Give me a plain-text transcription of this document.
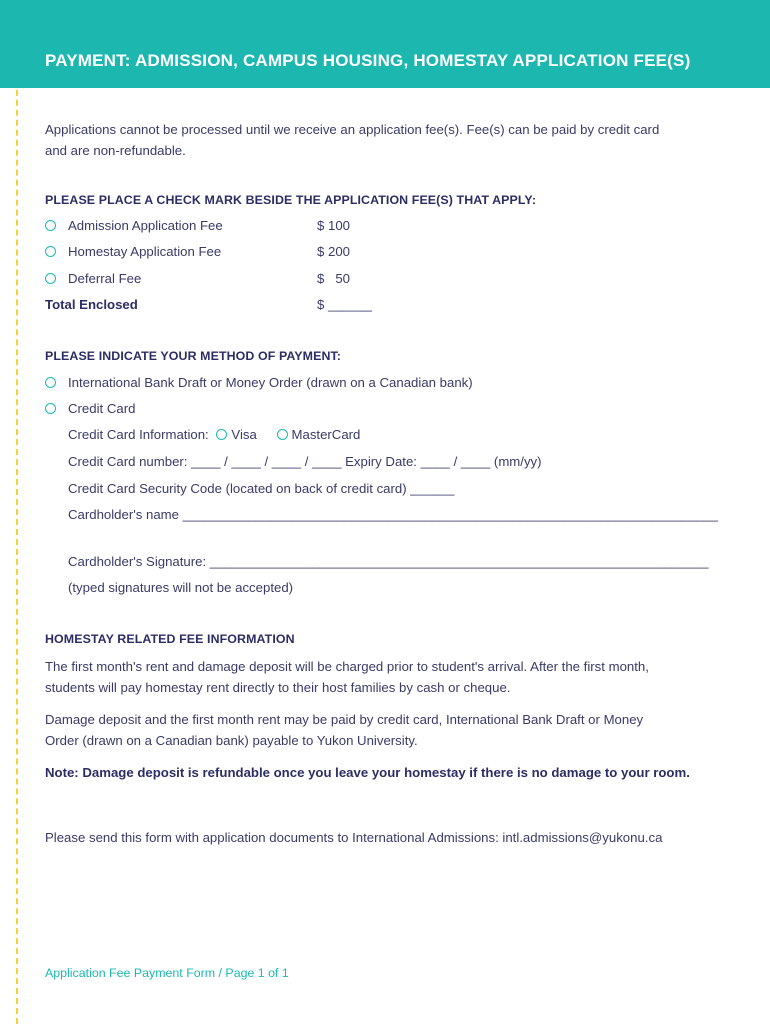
PAYMENT: ADMISSION, CAMPUS HOUSING, HOMESTAY APPLICATION FEE(S)
Applications cannot be processed until we receive an application fee(s). Fee(s) can be paid by credit card
and are non-refundable.
PLEASE PLACE A CHECK MARK BESIDE THE APPLICATION FEE(S) THAT APPLY:
Admission Application Fee	$ 100
Homestay Application Fee	$ 200
Deferral Fee	$   50
Total Enclosed	$ ______
PLEASE INDICATE YOUR METHOD OF PAYMENT:
International Bank Draft or Money Order (drawn on a Canadian bank)
Credit Card
Credit Card Information: Visa	MasterCard
Credit Card number: ____ / ____ / ____ / ____ Expiry Date: ____ / ____ (mm/yy)
Credit Card Security Code (located on back of credit card) ______
Cardholder's name _________________________________________________________________________
Cardholder's Signature: ____________________________________________________________________
(typed signatures will not be accepted)
HOMESTAY RELATED FEE INFORMATION
The first month's rent and damage deposit will be charged prior to student's arrival. After the first month,
students will pay homestay rent directly to their host families by cash or cheque.
Damage deposit and the first month rent may be paid by credit card, International Bank Draft or Money
Order (drawn on a Canadian bank) payable to Yukon University.
Note: Damage deposit is refundable once you leave your homestay if there is no damage to your room.
Please send this form with application documents to International Admissions: intl.admissions@yukonu.ca
Application Fee Payment Form / Page 1 of 1
